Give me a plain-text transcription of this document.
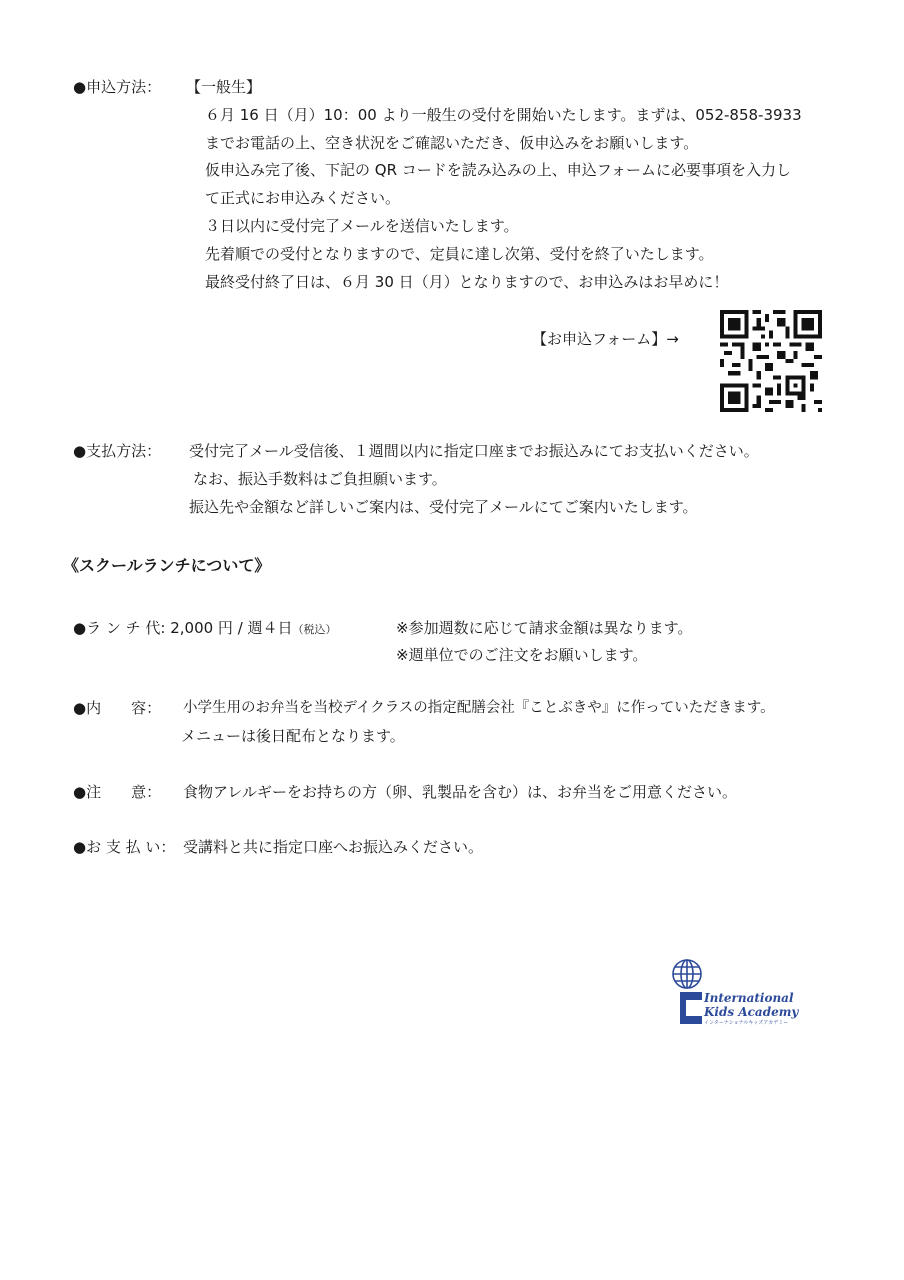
●申込方法： 【一般生】
６月 16 日（月）10：00 より一般生の受付を開始いたします。まずは、052-858-3933
までお電話の上、空き状況をご確認いただき、仮申込みをお願いします。
仮申込み完了後、下記の QR コードを読み込みの上、申込フォームに必要事項を入力し
て正式にお申込みください。
３日以内に受付完了メールを送信いたします。
先着順での受付となりますので、定員に達し次第、受付を終了いたします。
最終受付終了日は、６月 30 日（月）となりますので、お申込みはお早めに！
【お申込フォーム】→
●支払方法： 受付完了メール受信後、１週間以内に指定口座までお振込みにてお支払いください。
なお、振込手数料はご負担願います。
振込先や金額など詳しいご案内は、受付完了メールにてご案内いたします。
《スクールランチについて》
●ラ ン チ 代: 2,000 円 / 週４日（税込）	※参加週数に応じて請求金額は異なります。
※週単位でのご注文をお願いします。
●内　　容： 小学生用のお弁当を当校デイクラスの指定配膳会社『ことぶきや』に作っていただきます。
メニューは後日配布となります。
●注　　意： 食物アレルギーをお持ちの方（卵、乳製品を含む）は、お弁当をご用意ください。
●お 支 払 い： 受講料と共に指定口座へお振込みください。
International
Kids Academy
インターナショナルキッズアカデミー
